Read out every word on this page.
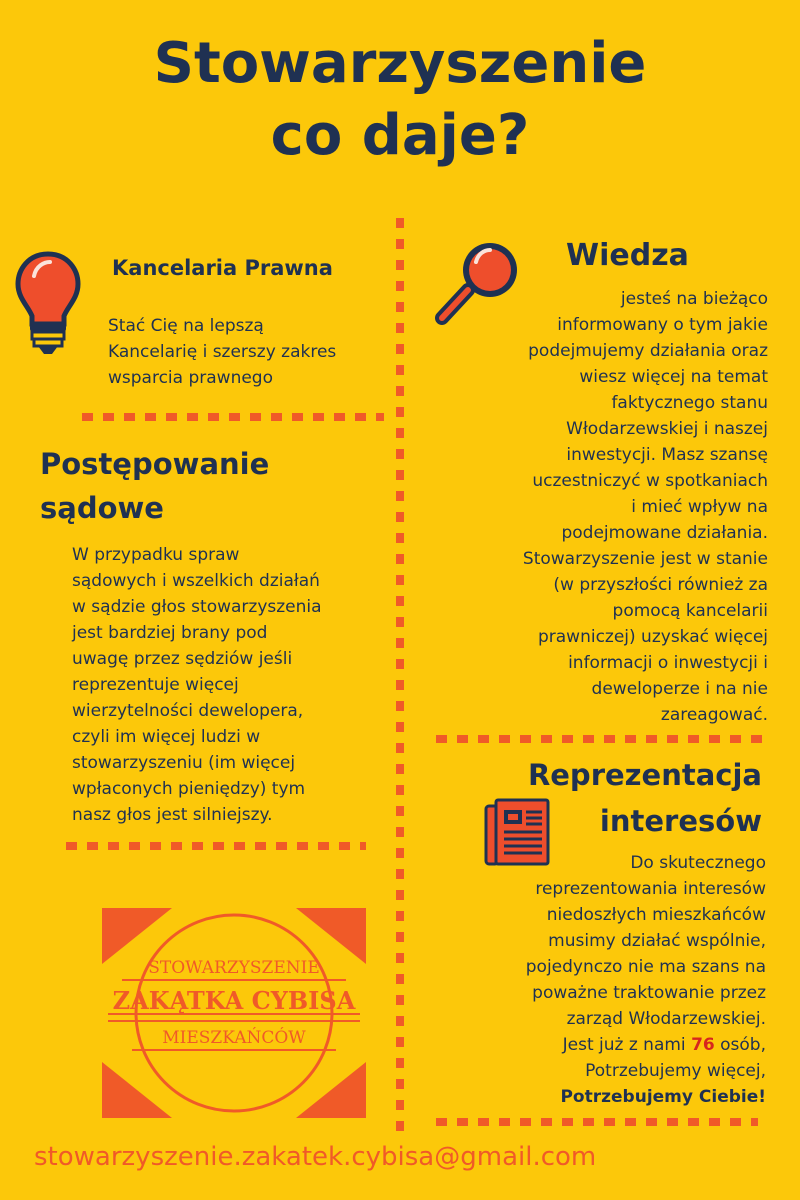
Stowarzyszenie
co daje?
Kancelaria Prawna
Stać Cię na lepszą
Kancelarię i szerszy zakres
wsparcia prawnego
Postępowanie
sądowe
W przypadku spraw
sądowych i wszelkich działań
w sądzie głos stowarzyszenia
jest bardziej brany pod
uwagę przez sędziów jeśli
reprezentuje więcej
wierzytelności dewelopera,
czyli im więcej ludzi w
stowarzyszeniu (im więcej
wpłaconych pieniędzy) tym
nasz głos jest silniejszy.
Wiedza
jesteś na bieżąco
informowany o tym jakie
podejmujemy działania oraz
wiesz więcej na temat
faktycznego stanu
Włodarzewskiej i naszej
inwestycji. Masz szansę
uczestniczyć w spotkaniach
i mieć wpływ na
podejmowane działania.
Stowarzyszenie jest w stanie
(w przyszłości również za
pomocą kancelarii
prawniczej) uzyskać więcej
informacji o inwestycji i
deweloperze i na nie
zareagować.
Reprezentacja
interesów
Do skutecznego
reprezentowania interesów
niedoszłych mieszkańców
musimy działać wspólnie,
pojedynczo nie ma szans na
poważne traktowanie przez
zarząd Włodarzewskiej.
Jest już z nami 76 osób,
Potrzebujemy więcej,
Potrzebujemy Ciebie!
STOWARZYSZENIE
ZAKĄTKA CYBISA
MIESZKAŃCÓW
stowarzyszenie.zakatek.cybisa@gmail.com
